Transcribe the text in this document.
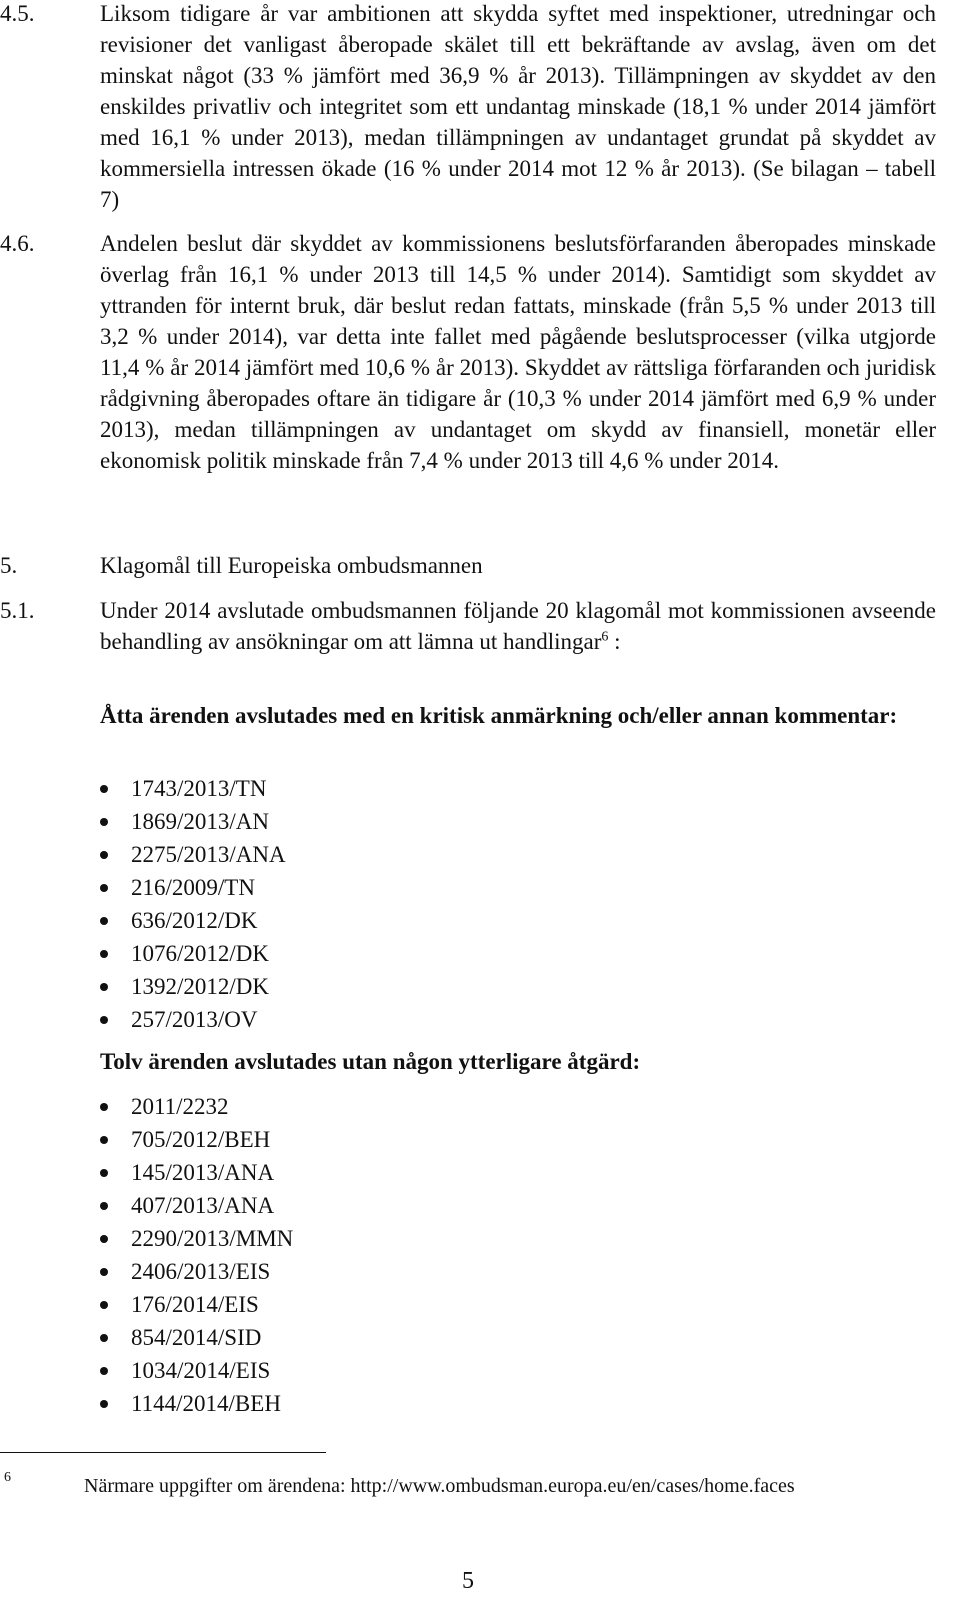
4.5.	Liksom tidigare år var ambitionen att skydda syftet med inspektioner, utredningar och revisioner det vanligast åberopade skälet till ett bekräftande av avslag, även om det minskat något (33 % jämfört med 36,9 % år 2013). Tillämpningen av skyddet av den enskildes privatliv och integritet som ett undantag minskade (18,1 % under 2014 jämfört med 16,1 % under 2013), medan tillämpningen av undantaget grundat på skyddet av kommersiella intressen ökade (16 % under 2014 mot 12 % år 2013). (Se bilagan – tabell 7)
4.6.	Andelen beslut där skyddet av kommissionens beslutsförfaranden åberopades minskade överlag från 16,1 % under 2013 till 14,5 % under 2014). Samtidigt som skyddet av yttranden för internt bruk, där beslut redan fattats, minskade (från 5,5 % under 2013 till 3,2 % under 2014), var detta inte fallet med pågående beslutsprocesser (vilka utgjorde 11,4 % år 2014 jämfört med 10,6 % år 2013). Skyddet av rättsliga förfaranden och juridisk rådgivning åberopades oftare än tidigare år (10,3 % under 2014 jämfört med 6,9 % under 2013), medan tillämpningen av undantaget om skydd av finansiell, monetär eller ekonomisk politik minskade från 7,4 % under 2013 till 4,6 % under 2014.
5.	Klagomål till Europeiska ombudsmannen
5.1.	Under 2014 avslutade ombudsmannen följande 20 klagomål mot kommissionen avseende behandling av ansökningar om att lämna ut handlingar$^6$ :
Åtta ärenden avslutades med en kritisk anmärkning och/eller annan kommentar:
1743/2013/TN
1869/2013/AN
2275/2013/ANA
216/2009/TN
636/2012/DK
1076/2012/DK
1392/2012/DK
257/2013/OV
Tolv ärenden avslutades utan någon ytterligare åtgärd:
2011/2232
705/2012/BEH
145/2013/ANA
407/2013/ANA
2290/2013/MMN
2406/2013/EIS
176/2014/EIS
854/2014/SID
1034/2014/EIS
1144/2014/BEH
6	Närmare uppgifter om ärendena: http://www.ombudsman.europa.eu/en/cases/home.faces
5
